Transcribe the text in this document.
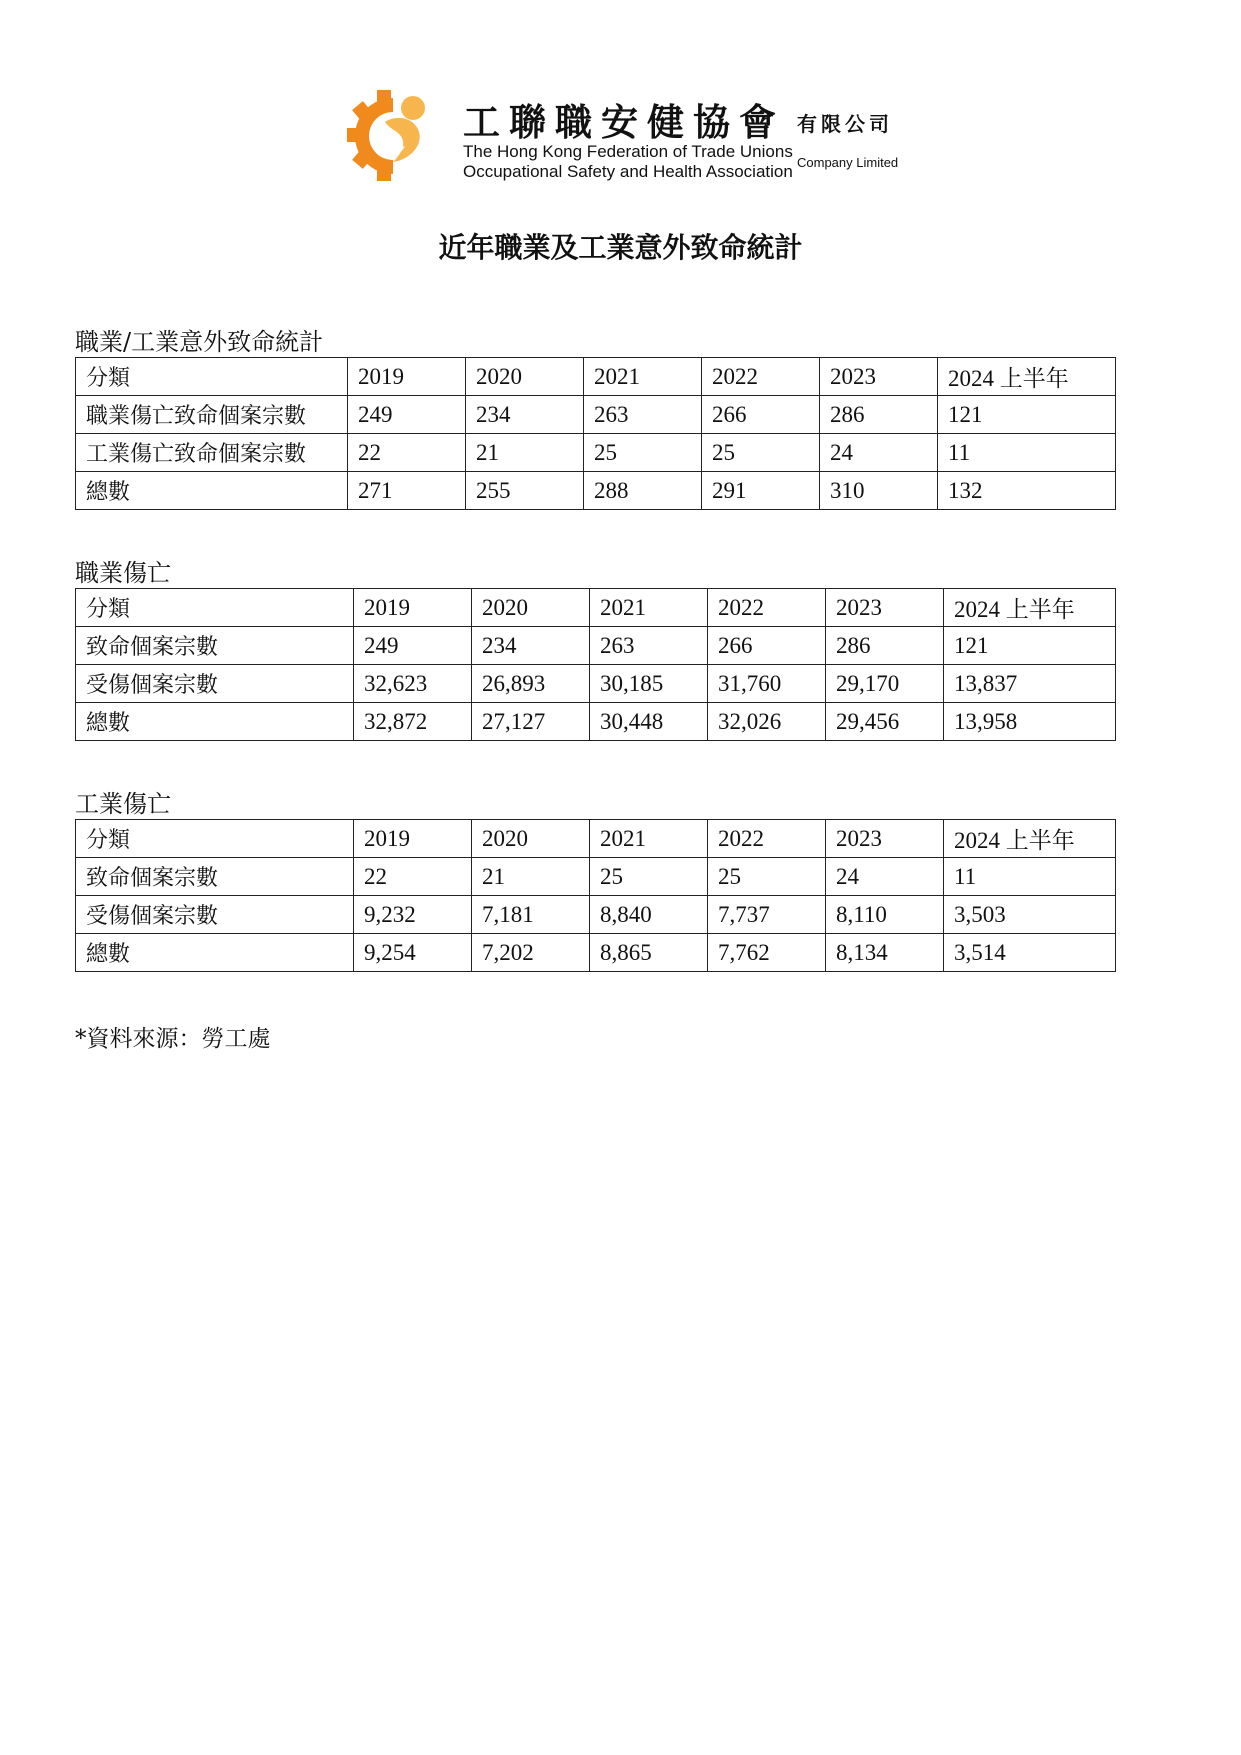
工聯職安健協會 有限公司
The Hong Kong Federation of Trade Unions
Occupational Safety and Health Association Company Limited
近年職業及工業意外致命統計
職業/工業意外致命統計
分類	2019	2020	2021	2022	2023	2024 上半年
職業傷亡致命個案宗數	249	234	263	266	286	121
工業傷亡致命個案宗數	22	21	25	25	24	11
總數	271	255	288	291	310	132
職業傷亡
分類	2019	2020	2021	2022	2023	2024 上半年
致命個案宗數	249	234	263	266	286	121
受傷個案宗數	32,623	26,893	30,185	31,760	29,170	13,837
總數	32,872	27,127	30,448	32,026	29,456	13,958
工業傷亡
分類	2019	2020	2021	2022	2023	2024 上半年
致命個案宗數	22	21	25	25	24	11
受傷個案宗數	9,232	7,181	8,840	7,737	8,110	3,503
總數	9,254	7,202	8,865	7,762	8,134	3,514
*資料來源：勞工處
